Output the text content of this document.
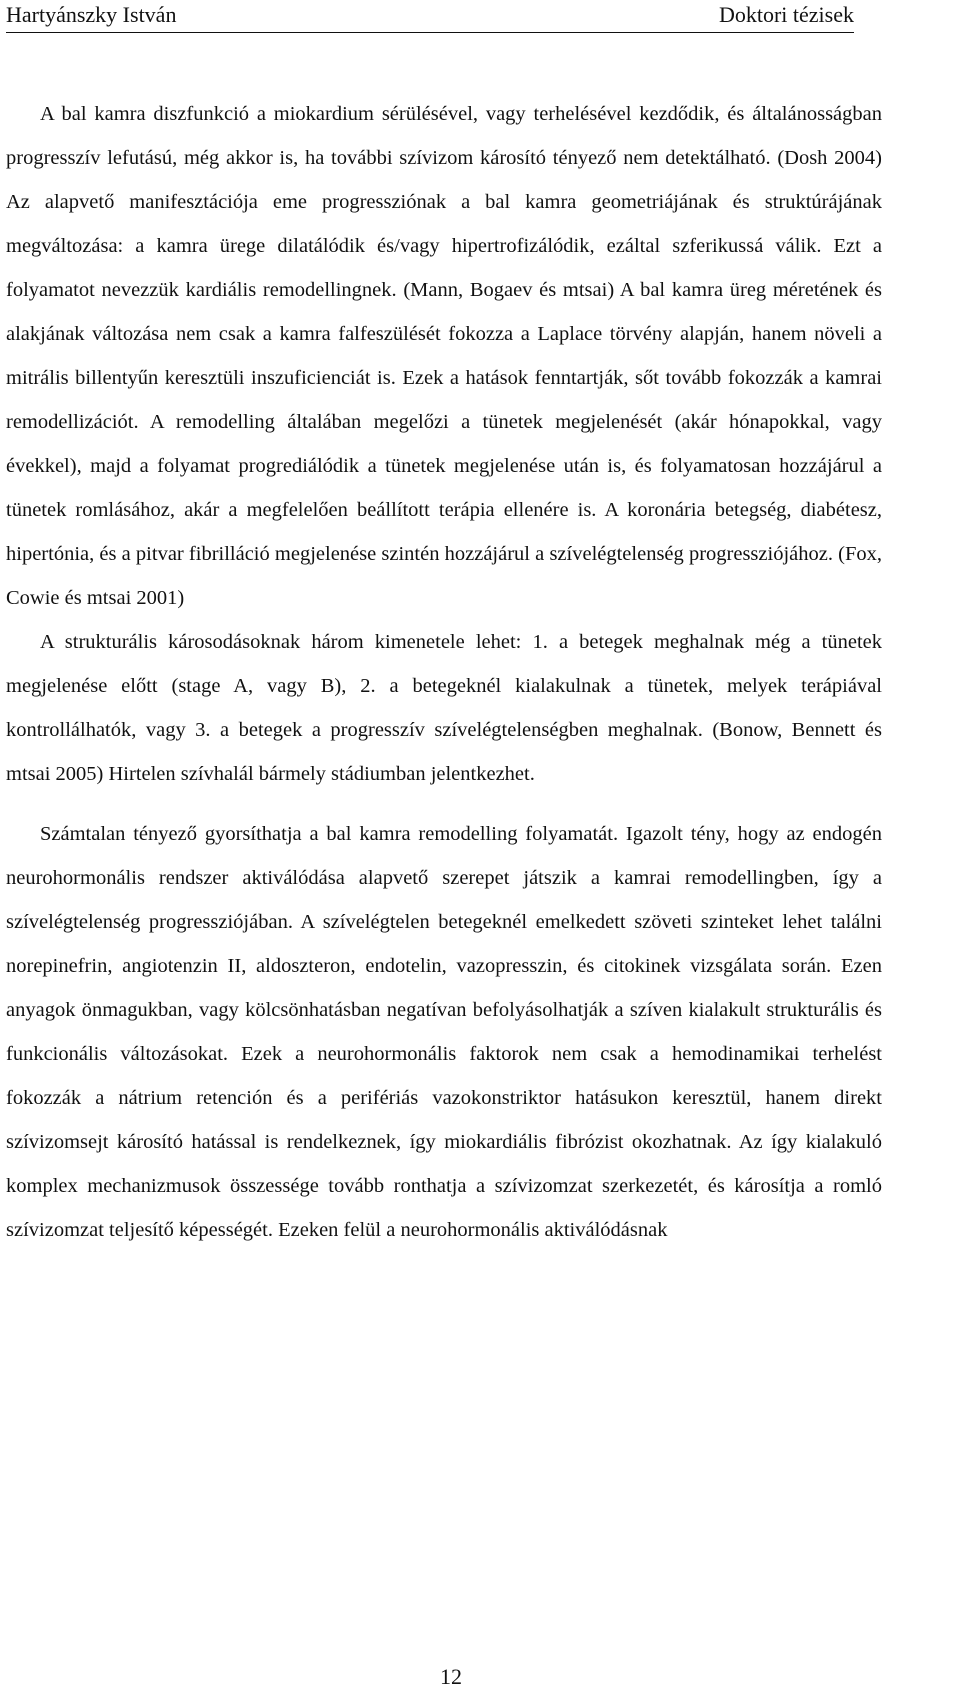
Hartyánszky István	Doktori tézisek

A bal kamra diszfunkció a miokardium sérülésével, vagy terhelésével kezdődik, és általánosságban progresszív lefutású, még akkor is, ha további szívizom károsító tényező nem detektálható. (Dosh 2004) Az alapvető manifesztációja eme progressziónak a bal kamra geometriájának és struktúrájának megváltozása: a kamra ürege dilatálódik és/vagy hipertrofizálódik, ezáltal szferikussá válik. Ezt a folyamatot nevezzük kardiális remodellingnek. (Mann, Bogaev és mtsai) A bal kamra üreg méretének és alakjának változása nem csak a kamra falfeszülését fokozza a Laplace törvény alapján, hanem növeli a mitrális billentyűn keresztüli inszuficienciát is. Ezek a hatások fenntartják, sőt tovább fokozzák a kamrai remodellizációt. A remodelling általában megelőzi a tünetek megjelenését (akár hónapokkal, vagy évekkel), majd a folyamat progrediálódik a tünetek megjelenése után is, és folyamatosan hozzájárul a tünetek romlásához, akár a megfelelően beállított terápia ellenére is. A koronária betegség, diabétesz, hipertónia, és a pitvar fibrilláció megjelenése szintén hozzájárul a szívelégtelenség progressziójához. (Fox, Cowie és mtsai 2001)

A strukturális károsodásoknak három kimenetele lehet: 1. a betegek meghalnak még a tünetek megjelenése előtt (stage A, vagy B), 2. a betegeknél kialakulnak a tünetek, melyek terápiával kontrollálhatók, vagy 3. a betegek a progresszív szívelégtelenségben meghalnak. (Bonow, Bennett és mtsai 2005) Hirtelen szívhalál bármely stádiumban jelentkezhet.

Számtalan tényező gyorsíthatja a bal kamra remodelling folyamatát. Igazolt tény, hogy az endogén neurohormonális rendszer aktiválódása alapvető szerepet játszik a kamrai remodellingben, így a szívelégtelenség progressziójában. A szívelégtelen betegeknél emelkedett szöveti szinteket lehet találni norepinefrin, angiotenzin II, aldoszteron, endotelin, vazopresszin, és citokinek vizsgálata során. Ezen anyagok önmagukban, vagy kölcsönhatásban negatívan befolyásolhatják a szíven kialakult strukturális és funkcionális változásokat. Ezek a neurohormonális faktorok nem csak a hemodinamikai terhelést fokozzák a nátrium retención és a perifériás vazokonstriktor hatásukon keresztül, hanem direkt szívizomsejt károsító hatással is rendelkeznek, így miokardiális fibrózist okozhatnak. Az így kialakuló komplex mechanizmusok összessége tovább ronthatja a szívizomzat szerkezetét, és károsítja a romló szívizomzat teljesítő képességét. Ezeken felül a neurohormonális aktiválódásnak

12
